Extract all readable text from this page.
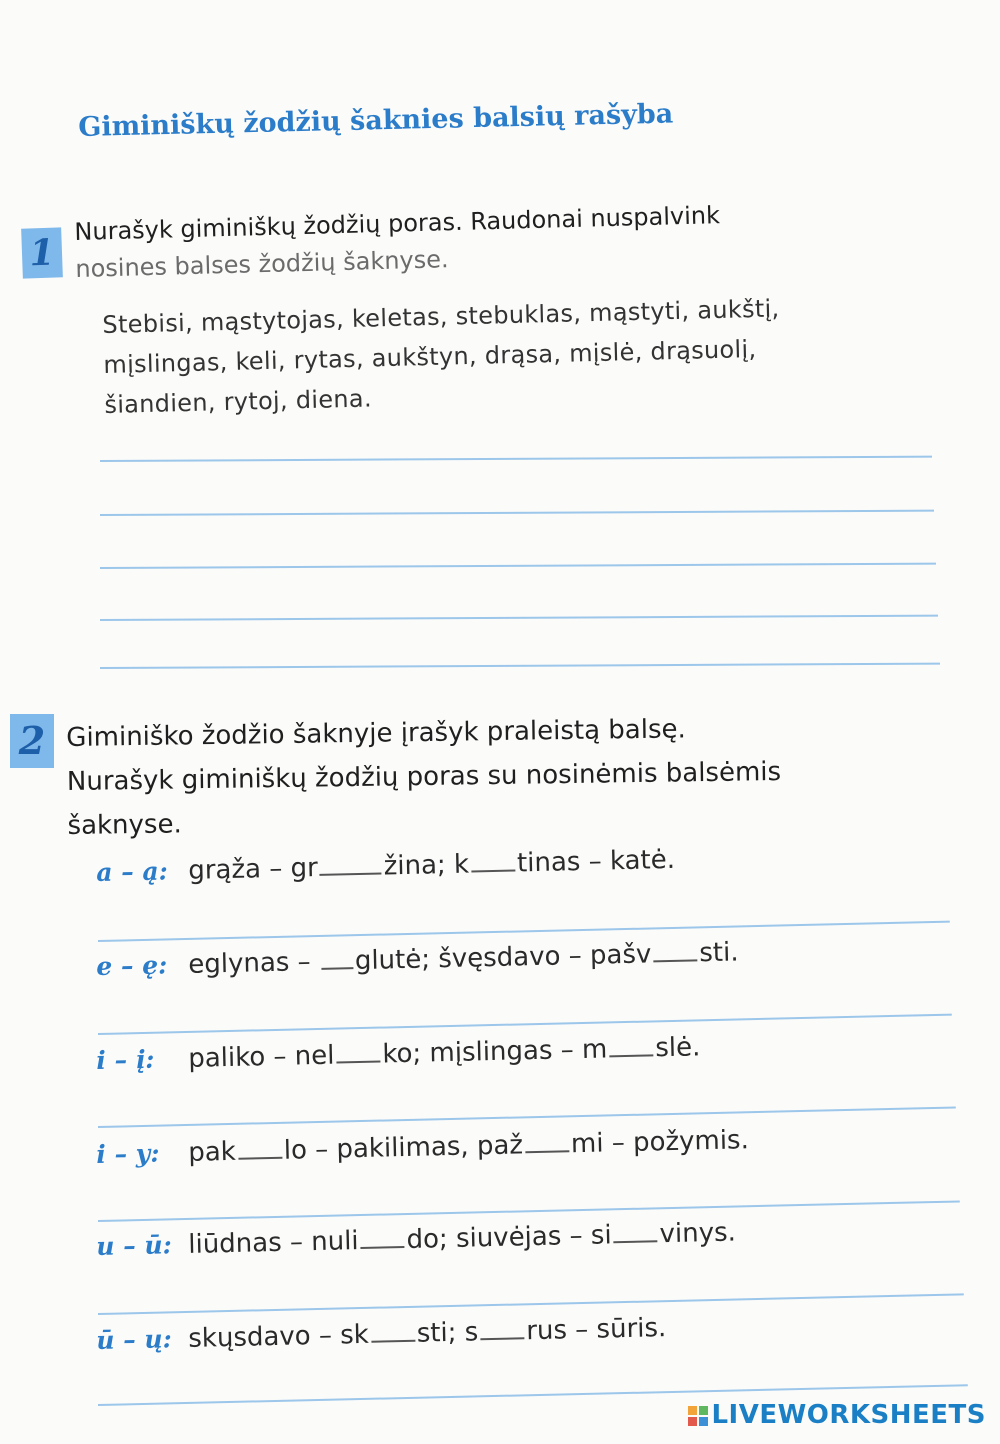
Giminiškų žodžių šaknies balsių rašyba
1
Nurašyk giminiškų žodžių poras. Raudonai nuspalvink
nosines balses žodžių šaknyse.
Stebisi, mąstytojas, keletas, stebuklas, mąstyti, aukštį,
mįslingas, keli, rytas, aukštyn, drąsa, mįslė, drąsuolį,
šiandien, rytoj, diena.
2 Giminiško žodžio šaknyje įrašyk praleistą balsę.
Nurašyk giminiškų žodžių poras su nosinėmis balsėmis
šaknyse.
a – ą: grąža – gr	žina; k tinas – katė.
e – ę: eglynas – glutė; švęsdavo – pašv sti.
i – į: paliko – nel ko; mįslingas – m slė.
i – y: pak lo – pakilimas, pаž mi – požymis.
u – ū: liūdnas – nuli do; siuvėjas – si vinys.
ū – ų: skųsdavo – sk sti; s rus – sūris.
LIVEWORKSHEETS
